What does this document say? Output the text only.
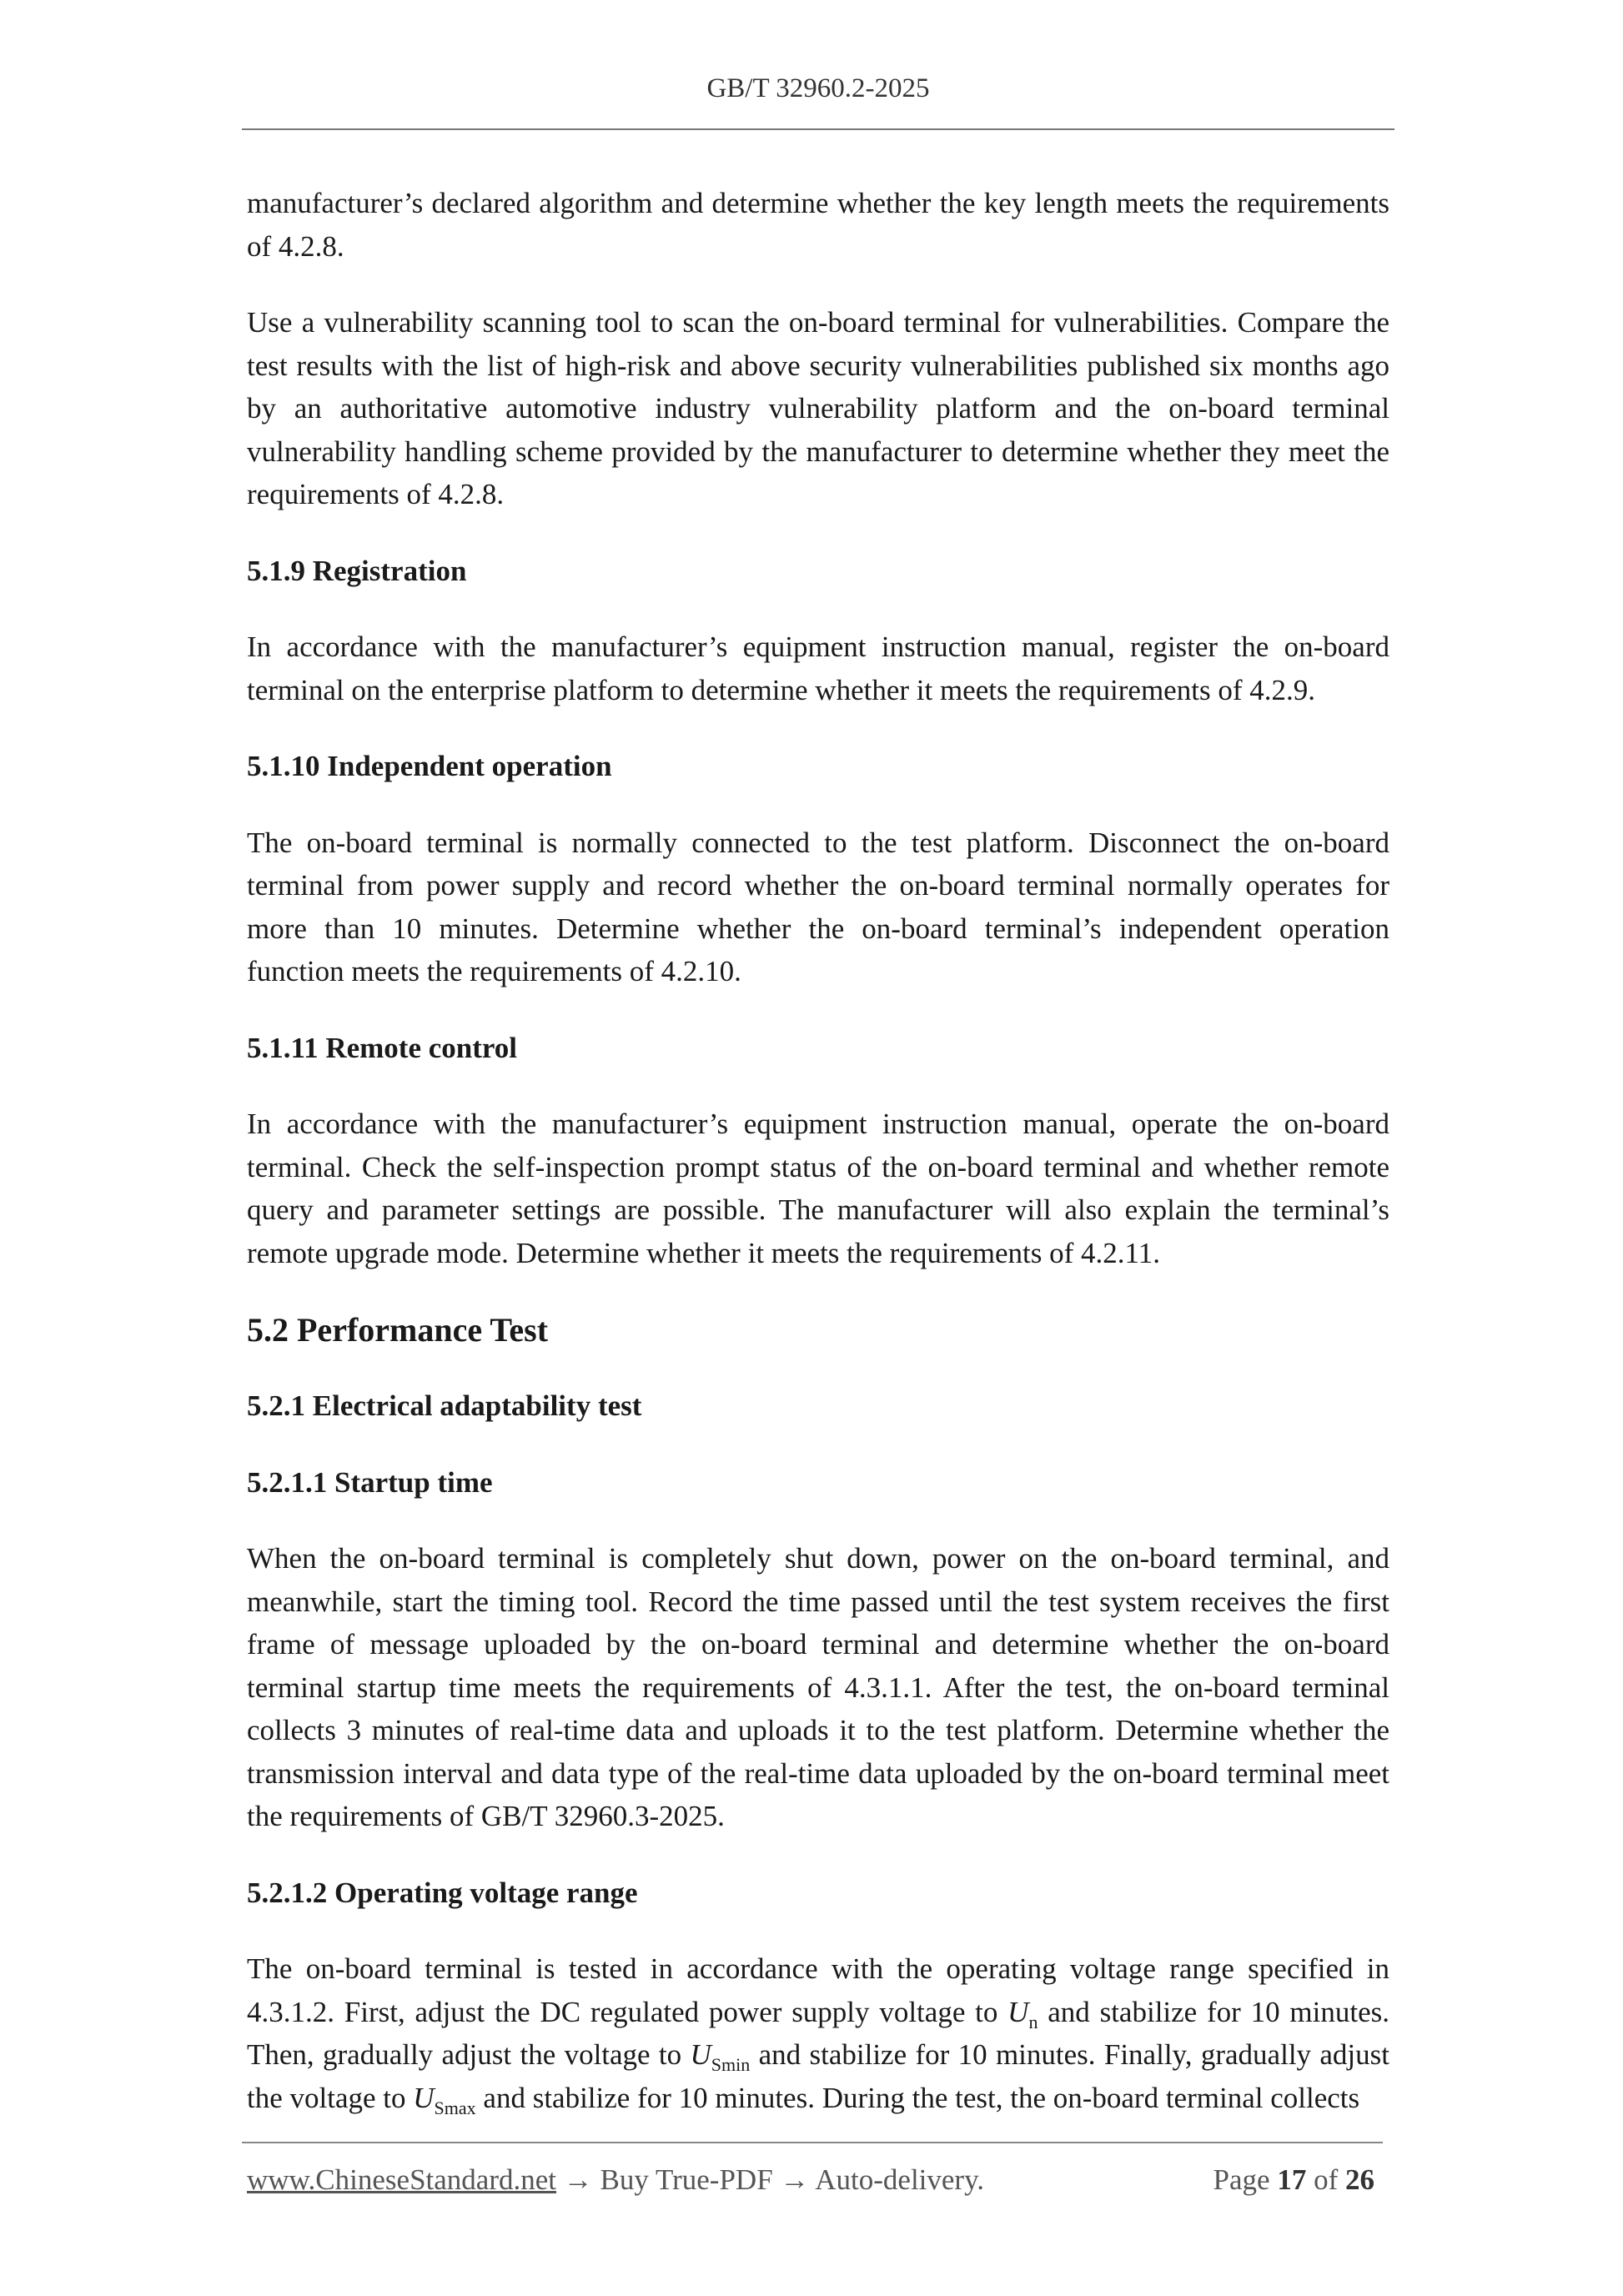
GB/T 32960.2-2025

manufacturer’s declared algorithm and determine whether the key length meets the requirements of 4.2.8.

Use a vulnerability scanning tool to scan the on-board terminal for vulnerabilities. Compare the test results with the list of high-risk and above security vulnerabilities published six months ago by an authoritative automotive industry vulnerability platform and the on-board terminal vulnerability handling scheme provided by the manufacturer to determine whether they meet the requirements of 4.2.8.

5.1.9 Registration

In accordance with the manufacturer’s equipment instruction manual, register the on-board terminal on the enterprise platform to determine whether it meets the requirements of 4.2.9.

5.1.10 Independent operation

The on-board terminal is normally connected to the test platform. Disconnect the on-board terminal from power supply and record whether the on-board terminal normally operates for more than 10 minutes. Determine whether the on-board terminal’s independent operation function meets the requirements of 4.2.10.

5.1.11 Remote control

In accordance with the manufacturer’s equipment instruction manual, operate the on-board terminal. Check the self-inspection prompt status of the on-board terminal and whether remote query and parameter settings are possible. The manufacturer will also explain the terminal’s remote upgrade mode. Determine whether it meets the requirements of 4.2.11.

5.2 Performance Test
5.2.1 Electrical adaptability test
5.2.1.1 Startup time

When the on-board terminal is completely shut down, power on the on-board terminal, and meanwhile, start the timing tool. Record the time passed until the test system receives the first frame of message uploaded by the on-board terminal and determine whether the on-board terminal startup time meets the requirements of 4.3.1.1. After the test, the on-board terminal collects 3 minutes of real-time data and uploads it to the test platform. Determine whether the transmission interval and data type of the real-time data uploaded by the on-board terminal meet the requirements of GB/T 32960.3-2025.

5.2.1.2 Operating voltage range

The on-board terminal is tested in accordance with the operating voltage range specified in 4.3.1.2. First, adjust the DC regulated power supply voltage to $U_n$ and stabilize for 10 minutes. Then, gradually adjust the voltage to $U_{Smin}$ and stabilize for 10 minutes. Finally, gradually adjust the voltage to $U_{Smax}$ and stabilize for 10 minutes. During the test, the on-board terminal collects

www.ChineseStandard.net → Buy True-PDF → Auto-delivery.	Page 17 of 26
